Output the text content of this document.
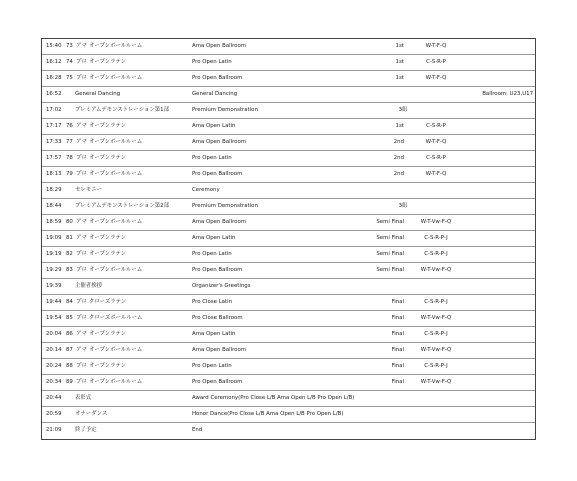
15:40 73 アマ オープンボールルーム	Ama Open Ballroom	1st	W-T-F-Q
16:12 74 プロ オープンラテン	Pro Open Latin	1st	C-S-R-P
16:28 75 プロ オープンボールルーム	Pro Open Ballroom	1st	W-T-F-Q
16:52	General Dancing	General Dancing	Ballroom: U23,U17
17:02	プレミアムデモンストレーション第1部	Premium Demonstration	3組
17:17 76 アマ オープンラテン	Ama Open Latin	1st	C-S-R-P
17:33 77 アマ オープンボールルーム	Ama Open Ballroom	2nd	W-T-F-Q
17:57 78 プロ オープンラテン	Pro Open Latin	2nd	C-S-R-P
18:13 79 プロ オープンボールルーム	Pro Open Ballroom	2nd	W-T-F-Q
18:29	セレモニー	Ceremony
18:44	プレミアムデモンストレーション第2部	Premium Demonstration	3組
18:59 80 アマ オープンボールルーム	Ama Open Ballroom	Semi Final	W-T-Vw-F-Q
19:09 81 アマ オープンラテン	Ama Open Latin	Semi Final	C-S-R-P-J
19:19 82 プロ オープンラテン	Pro Open Latin	Semi Final	C-S-R-P-J
19:29 83 プロ オープンボールルーム	Pro Open Ballroom	Semi Final	W-T-Vw-F-Q
19:39	主催者挨拶	Organizer's Greetings
19:44 84 プロ クローズラテン	Pro Close Latin	Final	C-S-R-P-J
19:54 85 プロ クローズボールルーム	Pro Close Ballroom	Final	W-T-Vw-F-Q
20:04 86 アマ オープンラテン	Ama Open Latin	Final	C-S-R-P-J
20:14 87 アマ オープンボールルーム	Ama Open Ballroom	Final	W-T-Vw-F-Q
20:24 88 プロ オープンラテン	Pro Open Latin	Final	C-S-R-P-J
20:34 89 プロ オープンボールルーム	Pro Open Ballroom	Final	W-T-Vw-F-Q
20:44	表彰式	Award Ceremony(Pro Close L/B Ama Open L/B Pro Open L/B)
20:59	オナーダンス	Honor Dance(Pro Close L/B Ama Open L/B Pro Open L/B)
21:09	終了予定	End
